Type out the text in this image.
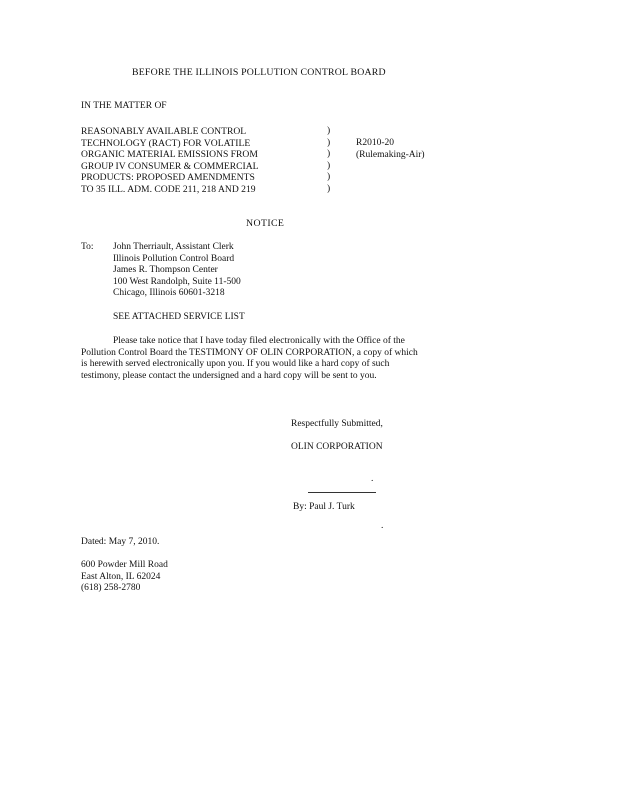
BEFORE THE ILLINOIS POLLUTION CONTROL BOARD
IN THE MATTER OF
REASONABLY AVAILABLE CONTROL
TECHNOLOGY (RACT) FOR VOLATILE
ORGANIC MATERIAL EMISSIONS FROM
GROUP IV CONSUMER & COMMERCIAL
PRODUCTS: PROPOSED AMENDMENTS
TO 35 ILL. ADM. CODE 211, 218 AND 219
)
)
)
)
)
)
R2010-20
(Rulemaking-Air)
NOTICE
To: John Therriault, Assistant Clerk
Illinois Pollution Control Board
James R. Thompson Center
100 West Randolph, Suite 11-500
Chicago, Illinois 60601-3218
SEE ATTACHED SERVICE LIST
Please take notice that I have today filed electronically with the Office of the
Pollution Control Board the TESTIMONY OF OLIN CORPORATION, a copy of which
is herewith served electronically upon you. If you would like a hard copy of such
testimony, please contact the undersigned and a hard copy will be sent to you.
Respectfully Submitted,
OLIN CORPORATION
.
By: Paul J. Turk
.
Dated: May 7, 2010.
600 Powder Mill Road
East Alton, IL 62024
(618) 258-2780
